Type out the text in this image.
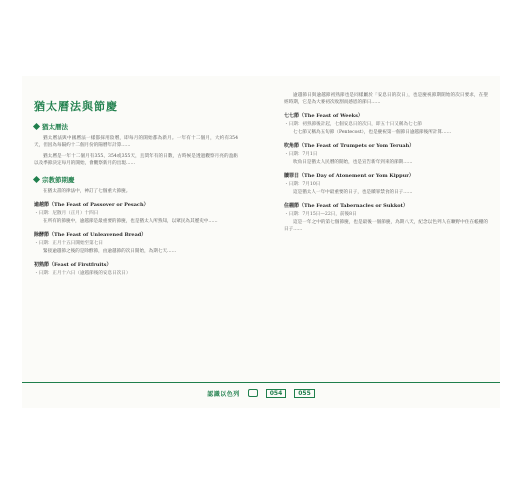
猶太曆法與節慶
猶太曆法
猶太曆法與中國曆法一樣都採用陰曆，即每月的開始都為新月。一年有十二個月，大約有354天，但因為每隔約十二個月份的陽曆年計算……
猶太曆是一年十二個月有355、354或355天，且閏年有的日數，古時候是透過觀察月亮的盈虧以及季節決定每月的開始，會觀察新月的出現……
宗教節期慶
在猶太書的律法中，神訂了七個重大節慶。
逾越節（The Feast of Passover or Pesach）
・日期：尼散月（正月）十四日
在所有的節慶中，逾越節是最重要的節慶，也是猶太人所熟知，以眾民為其歷史中……
除酵節（The Feast of Unleavened Bread）
・日期：正月十五日開始至第七日
緊接逾越節之後的是除酵節，由逾越節的次日開始，為期七天……
初熟節（Feast of Firstfruits）
・日期：正月十六日（逾越節後的安息日次日）
逾越節日與逾越節初熟節也是同樣屬於「安息日的次日」，也是慶祝節期開始的次日要求，在聖經時期，它是為大麥初次收割而感恩的節日……
七七節（The Feast of Weeks）
・日期：初熟節後計起，七個安息日的次日，即五十日又稱為七七節
七七節又稱為五旬節（Pentecost），也是慶祝第一個節日逾越節後所計算……
吹角節（The Feast of Trumpets or Yom Teruah）
・日期：7月1日
吹角日是猶太人民曆的開始，也是宣告新年到來的節期……
贖罪日（The Day of Atonement or Yom Kippur）
・日期：7月10日
這是猶太人一年中最重要的日子，也是贖罪禁食的日子……
住棚節（The Feast of Tabernacles or Sukkot）
・日期：7月15日—22日，前後8日
這是一年之中的第七個節慶，也是最後一個節慶，為期八天，紀念以色列人在曠野中住在帳棚的日子……
認識以色列	054	055
